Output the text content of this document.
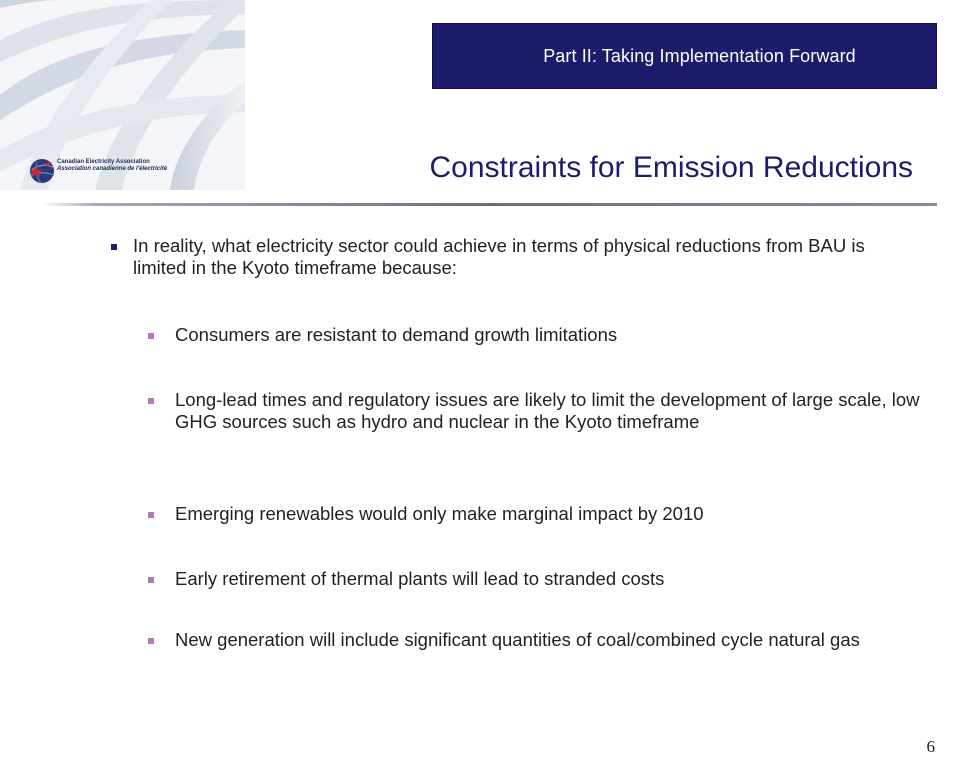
Canadian Electricity Association
Association canadienne de l'électricité
Part II: Taking Implementation Forward
Constraints for Emission Reductions
In reality, what electricity sector could achieve in terms of physical reductions from BAU is limited in the Kyoto timeframe because:
Consumers are resistant to demand growth limitations
Long-lead times and regulatory issues are likely to limit the development of large scale, low GHG sources such as hydro and nuclear in the Kyoto timeframe
Emerging renewables would only make marginal impact by 2010
Early retirement of thermal plants will lead to stranded costs
New generation will include significant quantities of coal/combined cycle natural gas
6
